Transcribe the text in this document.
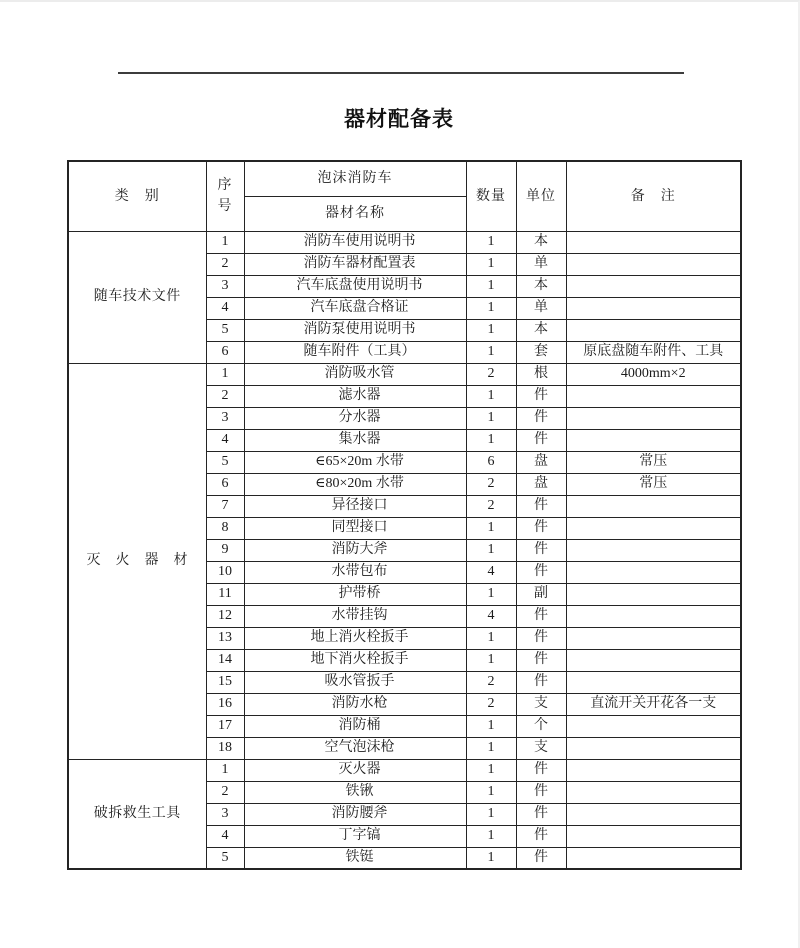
器材配备表
类　别	序号	泡沫消防车	数量	单位	备　注
		器材名称			
随车技术文件	1	消防车使用说明书	1	本	
	2	消防车器材配置表	1	单	
	3	汽车底盘使用说明书	1	本	
	4	汽车底盘合格证	1	单	
	5	消防泵使用说明书	1	本	
	6	随车附件（工具）	1	套	原底盘随车附件、工具
灭　火　器　材	1	消防吸水管	2	根	4000mm×2
	2	滤水器	1	件	
	3	分水器	1	件	
	4	集水器	1	件	
	5	∈65×20m 水带	6	盘	常压
	6	∈80×20m 水带	2	盘	常压
	7	异径接口	2	件	
	8	同型接口	1	件	
	9	消防大斧	1	件	
	10	水带包布	4	件	
	11	护带桥	1	副	
	12	水带挂钩	4	件	
	13	地上消火栓扳手	1	件	
	14	地下消火栓扳手	1	件	
	15	吸水管扳手	2	件	
	16	消防水枪	2	支	直流开关开花各一支
	17	消防桶	1	个	
	18	空气泡沫枪	1	支	
破拆救生工具	1	灭火器	1	件	
	2	铁锹	1	件	
	3	消防腰斧	1	件	
	4	丁字镐	1	件	
	5	铁铤	1	件	
